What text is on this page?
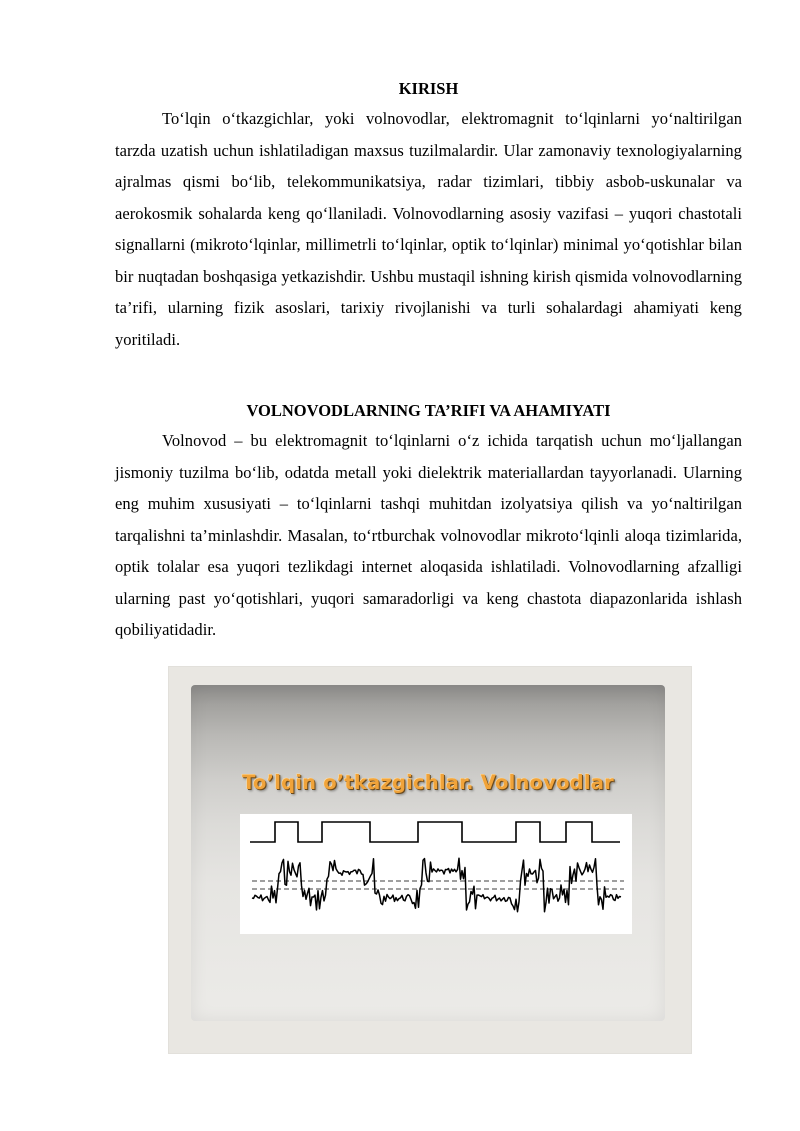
KIRISH

To‘lqin o‘tkazgichlar, yoki volnovodlar, elektromagnit to‘lqinlarni yo‘naltirilgan tarzda uzatish uchun ishlatiladigan maxsus tuzilmalardir. Ular zamonaviy texnologiyalarning ajralmas qismi bo‘lib, telekommunikatsiya, radar tizimlari, tibbiy asbob-uskunalar va aerokosmik sohalarda keng qo‘llaniladi. Volnovodlarning asosiy vazifasi – yuqori chastotali signallarni (mikroto‘lqinlar, millimetrli to‘lqinlar, optik to‘lqinlar) minimal yo‘qotishlar bilan bir nuqtadan boshqasiga yetkazishdir. Ushbu mustaqil ishning kirish qismida volnovodlarning ta’rifi, ularning fizik asoslari, tarixiy rivojlanishi va turli sohalardagi ahamiyati keng yoritiladi.

VOLNOVODLARNING TA’RIFI VA AHAMIYATI

Volnovod – bu elektromagnit to‘lqinlarni o‘z ichida tarqatish uchun mo‘ljallangan jismoniy tuzilma bo‘lib, odatda metall yoki dielektrik materiallardan tayyorlanadi. Ularning eng muhim xususiyati – to‘lqinlarni tashqi muhitdan izolyatsiya qilish va yo‘naltirilgan tarqalishni ta’minlashdir. Masalan, to‘rtburchak volnovodlar mikroto‘lqinli aloqa tizimlarida, optik tolalar esa yuqori tezlikdagi internet aloqasida ishlatiladi. Volnovodlarning afzalligi ularning past yo‘qotishlari, yuqori samaradorligi va keng chastota diapazonlarida ishlash qobiliyatidadir.

To’lqin o’tkazgichlar. Volnovodlar
